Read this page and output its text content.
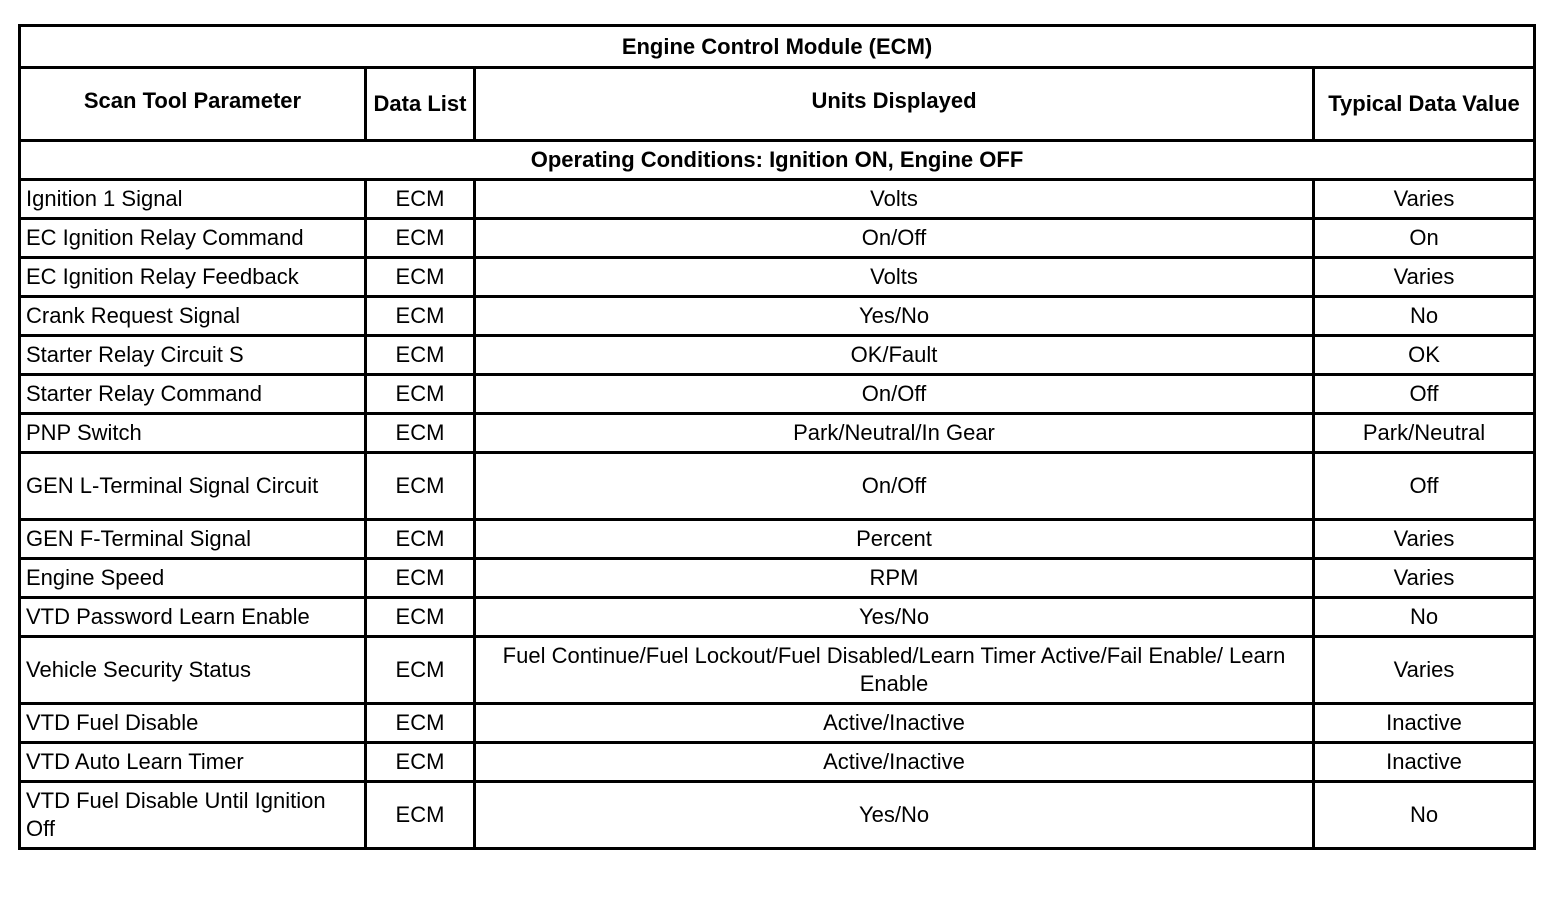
Engine Control Module (ECM)			
Scan Tool Parameter	Data List	Units Displayed	Typical Data Value
Operating Conditions: Ignition ON, Engine OFF			
Ignition 1 Signal	ECM	Volts	Varies
EC Ignition Relay Command	ECM	On/Off	On
EC Ignition Relay Feedback	ECM	Volts	Varies
Crank Request Signal	ECM	Yes/No	No
Starter Relay Circuit S	ECM	OK/Fault	OK
Starter Relay Command	ECM	On/Off	Off
PNP Switch	ECM	Park/Neutral/In Gear	Park/Neutral
GEN L-Terminal Signal Circuit	ECM	On/Off	Off
GEN F-Terminal Signal	ECM	Percent	Varies
Engine Speed	ECM	RPM	Varies
VTD Password Learn Enable	ECM	Yes/No	No
Vehicle Security Status	ECM	Fuel Continue/Fuel Lockout/Fuel Disabled/Learn Timer Active/Fail Enable/ Learn Enable	Varies
VTD Fuel Disable	ECM	Active/Inactive	Inactive
VTD Auto Learn Timer	ECM	Active/Inactive	Inactive
VTD Fuel Disable Until Ignition Off	ECM	Yes/No	No
